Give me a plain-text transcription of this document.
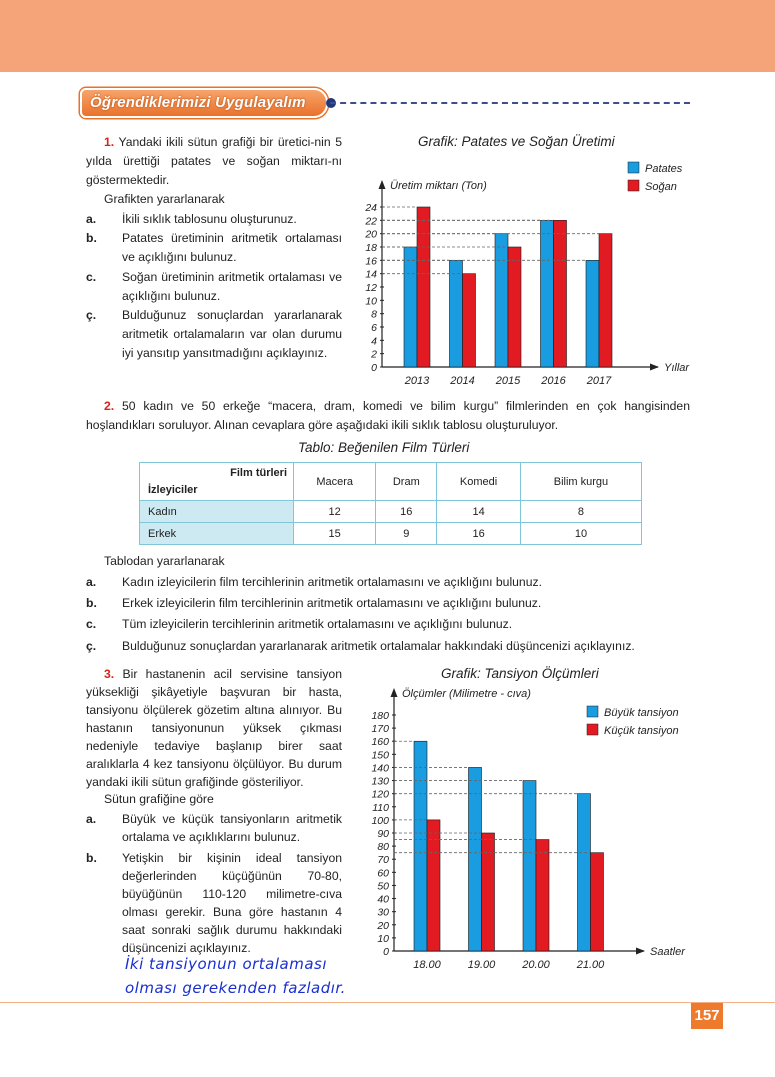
Öğrendiklerimizi Uygulayalım

1. Yandaki ikili sütun grafiği bir üretici-nin 5 yılda ürettiği patates ve soğan miktarı-nı göstermektedir.

Grafikten yararlanarak

a. İkili sıklık tablosunu oluşturunuz.

b. Patates üretiminin aritmetik ortalaması ve açıklığını bulunuz.

c. Soğan üretiminin aritmetik ortalaması ve açıklığını bulunuz.

ç. Bulduğunuz sonuçlardan yararlanarak aritmetik ortalamaların var olan durumu iyi yansıtıp yansıtmadığını açıklayınız.

Grafik: Patates ve Soğan Üretimi
Üretim miktarı (Ton)
Yıllar
0
2
4
6
8
10
12
14
16
18
20
22
24
2013 2014 2015 2016 2017
Patates
Soğan

2. 50 kadın ve 50 erkeğe “macera, dram, komedi ve bilim kurgu” filmlerinden en çok hangisinden hoşlandıkları soruluyor. Alınan cevaplara göre aşağıdaki ikili sıklık tablosu oluşturuluyor.

Tablo: Beğenilen Film Türleri
Film türleri
İzleyiciler	Macera	Dram	Komedi	Bilim kurgu
Kadın	12	16	14	8
Erkek	15	9	16	10
Tablodan yararlanarak

a. Kadın izleyicilerin film tercihlerinin aritmetik ortalamasını ve açıklığını bulunuz.

b. Erkek izleyicilerin film tercihlerinin aritmetik ortalamasını ve açıklığını bulunuz.

c. Tüm izleyicilerin tercihlerinin aritmetik ortalamasını ve açıklığını bulunuz.

ç. Bulduğunuz sonuçlardan yararlanarak aritmetik ortalamalar hakkındaki düşüncenizi açıklayınız.

3. Bir hastanenin acil servisine tansiyon yüksekliği şikâyetiyle başvuran bir hasta, tansiyonu ölçülerek gözetim altına alınıyor. Bu hastanın tansiyonunun yüksek çıkması nedeniyle tedaviye başlanıp birer saat aralıklarla 4 kez tansiyonu ölçülüyor. Bu durum yandaki ikili sütun grafiğinde gösteriliyor.

Sütun grafiğine göre

a. Büyük ve küçük tansiyonların aritmetik ortalama ve açıklıklarını bulunuz.

b. Yetişkin bir kişinin ideal tansiyon değerlerinden küçüğünün 70-80, büyüğünün 110-120 milimetre-cıva olması gerekir. Buna göre hastanın 4 saat sonraki sağlık durumu hakkındaki düşüncenizi açıklayınız.

İki tansiyonun ortalaması
olması gerekenden fazladır.
Grafik: Tansiyon Ölçümleri
Ölçümler (Milimetre - cıva)
Saatler
0
10
20
30
40
50
60
70
80
90
100
110
120
130
140
150
160
170
180
18.00 19.00 20.00 21.00
Büyük tansiyon
Küçük tansiyon
157
